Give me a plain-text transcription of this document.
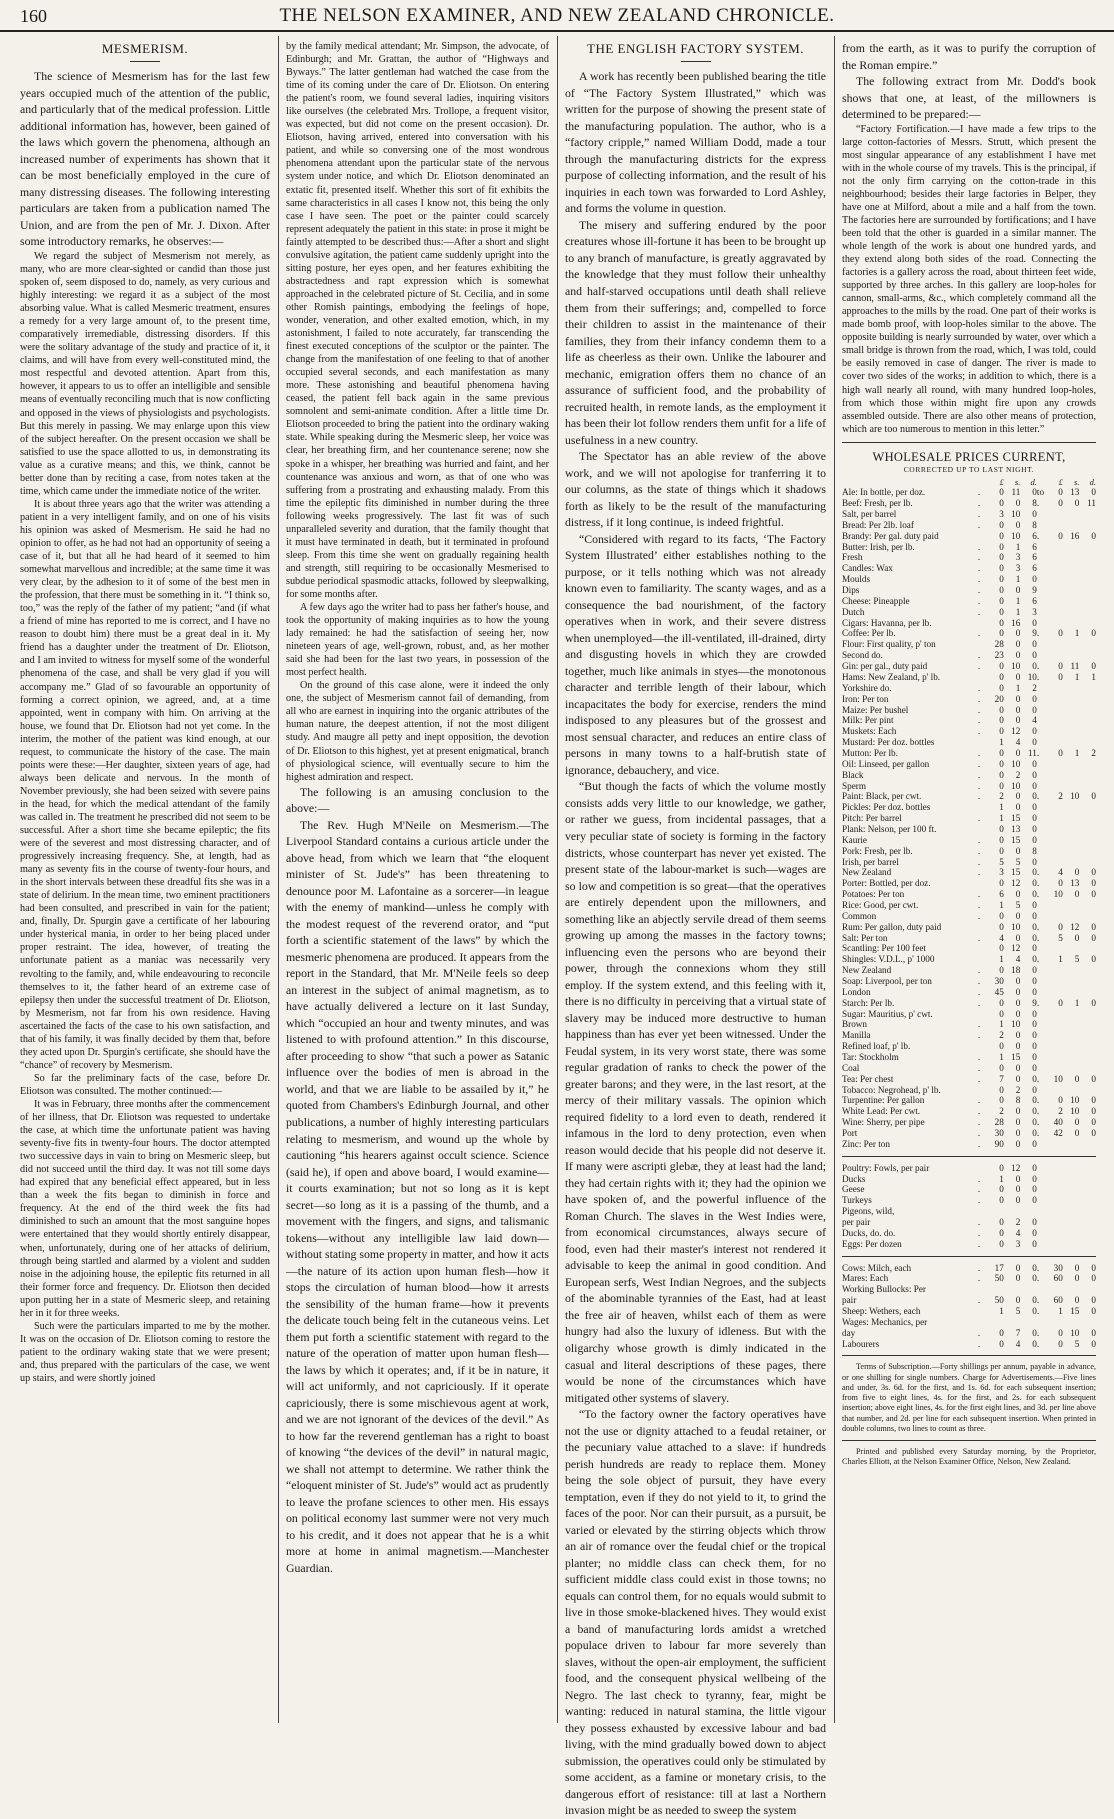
160	THE NELSON EXAMINER, AND NEW ZEALAND CHRONICLE.
MESMERISM.

The science of Mesmerism has for the last few years occupied much of the attention of the public, and particularly that of the medical profession. Little additional information has, however, been gained of the laws which govern the phenomena, although an increased number of experiments has shown that it can be most beneficially employed in the cure of many distressing diseases. The following interesting particulars are taken from a publication named The Union, and are from the pen of Mr. J. Dixon. After some introductory remarks, he observes:—

We regard the subject of Mesmerism not merely, as many, who are more clear-sighted or candid than those just spoken of, seem disposed to do, namely, as very curious and highly interesting: we regard it as a subject of the most absorbing value. What is called Mesmeric treatment, ensures a remedy for a very large amount of, to the present time, comparatively irremediable, distressing disorders. If this were the solitary advantage of the study and practice of it, it claims, and will have from every well-constituted mind, the most respectful and devoted attention. Apart from this, however, it appears to us to offer an intelligible and sensible means of eventually reconciling much that is now conflicting and opposed in the views of physiologists and psychologists. But this merely in passing. We may enlarge upon this view of the subject hereafter. On the present occasion we shall be satisfied to use the space allotted to us, in demonstrating its value as a curative means; and this, we think, cannot be better done than by reciting a case, from notes taken at the time, which came under the immediate notice of the writer.

It is about three years ago that the writer was attending a patient in a very intelligent family, and on one of his visits his opinion was asked of Mesmerism. He said he had no opinion to offer, as he had not had an opportunity of seeing a case of it, but that all he had heard of it seemed to him somewhat marvellous and incredible; at the same time it was very clear, by the adhesion to it of some of the best men in the profession, that there must be something in it. “I think so, too,” was the reply of the father of my patient; “and (if what a friend of mine has reported to me is correct, and I have no reason to doubt him) there must be a great deal in it. My friend has a daughter under the treatment of Dr. Eliotson, and I am invited to witness for myself some of the wonderful phenomena of the case, and shall be very glad if you will accompany me.” Glad of so favourable an opportunity of forming a correct opinion, we agreed, and, at a time appointed, went in company with him. On arriving at the house, we found that Dr. Eliotson had not yet come. In the interim, the mother of the patient was kind enough, at our request, to communicate the history of the case. The main points were these:—Her daughter, sixteen years of age, had always been delicate and nervous. In the month of November previously, she had been seized with severe pains in the head, for which the medical attendant of the family was called in. The treatment he prescribed did not seem to be successful. After a short time she became epileptic; the fits were of the severest and most distressing character, and of progressively increasing frequency. She, at length, had as many as seventy fits in the course of twenty-four hours, and in the short intervals between these dreadful fits she was in a state of delirium. In the mean time, two eminent practitioners had been consulted, and prescribed in vain for the patient; and, finally, Dr. Spurgin gave a certificate of her labouring under hysterical mania, in order to her being placed under proper restraint. The idea, however, of treating the unfortunate patient as a maniac was necessarily very revolting to the family, and, while endeavouring to reconcile themselves to it, the father heard of an extreme case of epilepsy then under the successful treatment of Dr. Eliotson, by Mesmerism, not far from his own residence. Having ascertained the facts of the case to his own satisfaction, and that of his family, it was finally decided by them that, before they acted upon Dr. Spurgin's certificate, she should have the “chance” of recovery by Mesmerism.

So far the preliminary facts of the case, before Dr. Eliotson was consulted. The mother continued:—

It was in February, three months after the commencement of her illness, that Dr. Eliotson was requested to undertake the case, at which time the unfortunate patient was having seventy-five fits in twenty-four hours. The doctor attempted two successive days in vain to bring on Mesmeric sleep, but did not succeed until the third day. It was not till some days had expired that any beneficial effect appeared, but in less than a week the fits began to diminish in force and frequency. At the end of the third week the fits had diminished to such an amount that the most sanguine hopes were entertained that they would shortly entirely disappear, when, unfortunately, during one of her attacks of delirium, through being startled and alarmed by a violent and sudden noise in the adjoining house, the epileptic fits returned in all their former force and frequency. Dr. Eliotson then decided upon putting her in a state of Mesmeric sleep, and retaining her in it for three weeks.

Such were the particulars imparted to me by the mother. It was on the occasion of Dr. Eliotson coming to restore the patient to the ordinary waking state that we were present; and, thus prepared with the particulars of the case, we went up stairs, and were shortly joined

by the family medical attendant; Mr. Simpson, the advocate, of Edinburgh; and Mr. Grattan, the author of “Highways and Byways.” The latter gentleman had watched the case from the time of its coming under the care of Dr. Eliotson. On entering the patient's room, we found several ladies, inquiring visitors like ourselves (the celebrated Mrs. Trollope, a frequent visitor, was expected, but did not come on the present occasion). Dr. Eliotson, having arrived, entered into conversation with his patient, and while so conversing one of the most wondrous phenomena attendant upon the particular state of the nervous system under notice, and which Dr. Eliotson denominated an extatic fit, presented itself. Whether this sort of fit exhibits the same characteristics in all cases I know not, this being the only case I have seen. The poet or the painter could scarcely represent adequately the patient in this state: in prose it might be faintly attempted to be described thus:—After a short and slight convulsive agitation, the patient came suddenly upright into the sitting posture, her eyes open, and her features exhibiting the abstractedness and rapt expression which is somewhat approached in the celebrated picture of St. Cecilia, and in some other Romish paintings, embodying the feelings of hope, wonder, veneration, and other exalted emotion, which, in my astonishment, I failed to note accurately, far transcending the finest executed conceptions of the sculptor or the painter. The change from the manifestation of one feeling to that of another occupied several seconds, and each manifestation as many more. These astonishing and beautiful phenomena having ceased, the patient fell back again in the same previous somnolent and semi-animate condition. After a little time Dr. Eliotson proceeded to bring the patient into the ordinary waking state. While speaking during the Mesmeric sleep, her voice was clear, her breathing firm, and her countenance serene; now she spoke in a whisper, her breathing was hurried and faint, and her countenance was anxious and worn, as that of one who was suffering from a prostrating and exhausting malady. From this time the epileptic fits diminished in number during the three following weeks progressively. The last fit was of such unparalleled severity and duration, that the family thought that it must have terminated in death, but it terminated in profound sleep. From this time she went on gradually regaining health and strength, still requiring to be occasionally Mesmerised to subdue periodical spasmodic attacks, followed by sleepwalking, for some months after.

A few days ago the writer had to pass her father's house, and took the opportunity of making inquiries as to how the young lady remained: he had the satisfaction of seeing her, now nineteen years of age, well-grown, robust, and, as her mother said she had been for the last two years, in possession of the most perfect health.

On the ground of this case alone, were it indeed the only one, the subject of Mesmerism cannot fail of demanding, from all who are earnest in inquiring into the organic attributes of the human nature, the deepest attention, if not the most diligent study. And maugre all petty and inept opposition, the devotion of Dr. Eliotson to this highest, yet at present enigmatical, branch of physiological science, will eventually secure to him the highest admiration and respect.

The following is an amusing conclusion to the above:—

The Rev. Hugh M'Neile on Mesmerism.—The Liverpool Standard contains a curious article under the above head, from which we learn that “the eloquent minister of St. Jude's” has been threatening to denounce poor M. Lafontaine as a sorcerer—in league with the enemy of mankind—unless he comply with the modest request of the reverend orator, and “put forth a scientific statement of the laws” by which the mesmeric phenomena are produced. It appears from the report in the Standard, that Mr. M'Neile feels so deep an interest in the subject of animal magnetism, as to have actually delivered a lecture on it last Sunday, which “occupied an hour and twenty minutes, and was listened to with profound attention.” In this discourse, after proceeding to show “that such a power as Satanic influence over the bodies of men is abroad in the world, and that we are liable to be assailed by it,” he quoted from Chambers's Edinburgh Journal, and other publications, a number of highly interesting particulars relating to mesmerism, and wound up the whole by cautioning “his hearers against occult science. Science (said he), if open and above board, I would examine—it courts examination; but not so long as it is kept secret—so long as it is a passing of the thumb, and a movement with the fingers, and signs, and talismanic tokens—without any intelligible law laid down—without stating some property in matter, and how it acts—the nature of its action upon human flesh—how it stops the circulation of human blood—how it arrests the sensibility of the human frame—how it prevents the delicate touch being felt in the cutaneous veins. Let them put forth a scientific statement with regard to the nature of the operation of matter upon human flesh—the laws by which it operates; and, if it be in nature, it will act uniformly, and not capriciously. If it operate capriciously, there is some mischievous agent at work, and we are not ignorant of the devices of the devil.” As to how far the reverend gentleman has a right to boast of knowing “the devices of the devil” in natural magic, we shall not attempt to determine. We rather think the “eloquent minister of St. Jude's” would act as prudently to leave the profane sciences to other men. His essays on political economy last summer were not very much to his credit, and it does not appear that he is a whit more at home in animal magnetism.—Manchester Guardian.

THE ENGLISH FACTORY SYSTEM.

A work has recently been published bearing the title of “The Factory System Illustrated,” which was written for the purpose of showing the present state of the manufacturing population. The author, who is a “factory cripple,” named William Dodd, made a tour through the manufacturing districts for the express purpose of collecting information, and the result of his inquiries in each town was forwarded to Lord Ashley, and forms the volume in question.

The misery and suffering endured by the poor creatures whose ill-fortune it has been to be brought up to any branch of manufacture, is greatly aggravated by the knowledge that they must follow their unhealthy and half-starved occupations until death shall relieve them from their sufferings; and, compelled to force their children to assist in the maintenance of their families, they from their infancy condemn them to a life as cheerless as their own. Unlike the labourer and mechanic, emigration offers them no chance of an assurance of sufficient food, and the probability of recruited health, in remote lands, as the employment it has been their lot follow renders them unfit for a life of usefulness in a new country.

The Spectator has an able review of the above work, and we will not apologise for tranferring it to our columns, as the state of things which it shadows forth as likely to be the result of the manufacturing distress, if it long continue, is indeed frightful.

“Considered with regard to its facts, ‘The Factory System Illustrated’ either establishes nothing to the purpose, or it tells nothing which was not already known even to familiarity. The scanty wages, and as a consequence the bad nourishment, of the factory operatives when in work, and their severe distress when unemployed—the ill-ventilated, ill-drained, dirty and disgusting hovels in which they are crowded together, much like animals in styes—the monotonous character and terrible length of their labour, which incapacitates the body for exercise, renders the mind indisposed to any pleasures but of the grossest and most sensual character, and reduces an entire class of persons in many towns to a half-brutish state of ignorance, debauchery, and vice.

“But though the facts of which the volume mostly consists adds very little to our knowledge, we gather, or rather we guess, from incidental passages, that a very peculiar state of society is forming in the factory districts, whose counterpart has never yet existed. The present state of the labour-market is such—wages are so low and competition is so great—that the operatives are entirely dependent upon the millowners, and something like an abjectly servile dread of them seems growing up among the masses in the factory towns; influencing even the persons who are beyond their power, through the connexions whom they still employ. If the system extend, and this feeling with it, there is no difficulty in perceiving that a virtual state of slavery may be induced more destructive to human happiness than has ever yet been witnessed. Under the Feudal system, in its very worst state, there was some regular gradation of ranks to check the power of the greater barons; and they were, in the last resort, at the mercy of their military vassals. The opinion which required fidelity to a lord even to death, rendered it infamous in the lord to deny protection, even when reason would decide that his people did not deserve it. If many were ascripti glebæ, they at least had the land; they had certain rights with it; they had the opinion we have spoken of, and the powerful influence of the Roman Church. The slaves in the West Indies were, from economical circumstances, always secure of food, even had their master's interest not rendered it advisable to keep the animal in good condition. And European serfs, West Indian Negroes, and the subjects of the abominable tyrannies of the East, had at least the free air of heaven, whilst each of them as were hungry had also the luxury of idleness. But with the oligarchy whose growth is dimly indicated in the casual and literal descriptions of these pages, there would be none of the circumstances which have mitigated other systems of slavery.

“To the factory owner the factory operatives have not the use or dignity attached to a feudal retainer, or the pecuniary value attached to a slave: if hundreds perish hundreds are ready to replace them. Money being the sole object of pursuit, they have every temptation, even if they do not yield to it, to grind the faces of the poor. Nor can their pursuit, as a pursuit, be varied or elevated by the stirring objects which throw an air of romance over the feudal chief or the tropical planter; no middle class can check them, for no sufficient middle class could exist in those towns; no equals can control them, for no equals would submit to live in those smoke-blackened hives. They would exist a band of manufacturing lords amidst a wretched populace driven to labour far more severely than slaves, without the open-air employment, the sufficient food, and the consequent physical wellbeing of the Negro. The last check to tyranny, fear, might be wanting: reduced in natural stamina, the little vigour they possess exhausted by excessive labour and bad living, with the mind gradually bowed down to abject submission, the operatives could only be stimulated by some accident, as a famine or monetary crisis, to the dangerous effort of resistance: till at last a Northern invasion might be as needed to sweep the system

from the earth, as it was to purify the corruption of the Roman empire.”

The following extract from Mr. Dodd's book shows that one, at least, of the millowners is determined to be prepared:—

“Factory Fortification.—I have made a few trips to the large cotton-factories of Messrs. Strutt, which present the most singular appearance of any establishment I have met with in the whole course of my travels. This is the principal, if not the only firm carrying on the cotton-trade in this neighbourhood; besides their large factories in Belper, they have one at Milford, about a mile and a half from the town. The factories here are surrounded by fortifications; and I have been told that the other is guarded in a similar manner. The whole length of the work is about one hundred yards, and they extend along both sides of the road. Connecting the factories is a gallery across the road, about thirteen feet wide, supported by three arches. In this gallery are loop-holes for cannon, small-arms, &c., which completely command all the approaches to the mills by the road. One part of their works is made bomb proof, with loop-holes similar to the above. The opposite building is nearly surrounded by water, over which a small bridge is thrown from the road, which, I was told, could be easily removed in case of danger. The river is made to cover two sides of the works; in addition to which, there is a high wall nearly all round, with many hundred loop-holes, from which those within might fire upon any crowds assembled outside. There are also other means of protection, which are too numerous to mention in this letter.”

WHOLESALE PRICES CURRENT,
CORRECTED UP TO LAST NIGHT.
		£	s.	d.		£	s.	d.
Ale: In bottle, per doz.	.	0	11	0	to	0	13	0
Beef: Fresh, per lb.	.	0	0	8	.	0	0	11
Salt, per barrel	.	3	10	0				
Bread: Per 2lb. loaf	.	0	0	8				
Brandy: Per gal. duty paid		0	10	6	.	0	16	0
Butter: Irish, per lb.	.	0	1	6				
Fresh	.	0	3	6				
Candles: Wax	.	0	3	6				
Moulds	.	0	1	0				
Dips	.	0	0	9				
Cheese: Pineapple	.	0	1	6				
Dutch	.	0	1	3				
Cigars: Havanna, per lb.		0	16	0				
Coffee: Per lb.	.	0	0	9	.	0	1	0
Flour: First quality, p' ton		28	0	0				
Second do.	.	23	0	0				
Gin: per gal., duty paid	.	0	10	0	.	0	11	0
Hams: New Zealand, p' lb.		0	0	10	.	0	1	1
Yorkshire do.	.	0	1	2				
Iron: Per ton	.	20	0	0				
Maize: Per bushel	.	0	0	0				
Milk: Per pint	.	0	0	4				
Muskets: Each	.	0	12	0				
Mustard: Per doz. bottles		1	4	0				
Mutton: Per lb.	.	0	0	11	.	0	1	2
Oil: Linseed, per gallon	.	0	10	0				
Black	.	0	2	0				
Sperm	.	0	10	0				
Paint: Black, per cwt.	.	2	0	0	.	2	10	0
Pickles: Per doz. bottles		1	0	0				
Pitch: Per barrel	.	1	15	0				
Plank: Nelson, per 100 ft.		0	13	0				
Kaurie	.	0	15	0				
Pork: Fresh, per lb.	.	0	0	8				
Irish, per barrel	.	5	5	0				
New Zealand	.	3	15	0	.	4	0	0
Porter: Bottled, per doz.		0	12	0	.	0	13	0
Potatoes: Per ton	.	6	0	0	.	10	0	0
Rice: Good, per cwt.	.	1	5	0				
Common	.	0	0	0				
Rum: Per gallon, duty paid		0	10	0	.	0	12	0
Salt: Per ton	.	4	0	0	.	5	0	0
Scantling: Per 100 feet		0	12	0				
Shingles: V.D.L., p' 1000		1	4	0	.	1	5	0
New Zealand	.	0	18	0				
Soap: Liverpool, per ton	.	30	0	0				
London	.	45	0	0				
Starch: Per lb.	.	0	0	9	.	0	1	0
Sugar: Mauritius, p' cwt.		0	0	0				
Brown	.	1	10	0				
Manilla	.	2	0	0				
Refined loaf, p' lb.		0	0	0				
Tar: Stockholm	.	1	15	0				
Coal	.	0	0	0				
Tea: Per chest	.	7	0	0	.	10	0	0
Tobacco: Negrohead, p' lb.		0	2	0				
Turpentine: Per gallon	.	0	8	0	.	0	10	0
White Lead: Per cwt.	.	2	0	0	.	2	10	0
Wine: Sherry, per pipe	.	28	0	0	.	40	0	0
Port	.	30	0	0	.	42	0	0
Zinc: Per ton	.	90	0	0				
Poultry: Fowls, per pair		0	12	0				
Ducks	.	1	0	0				
Geese	.	0	0	0				
Turkeys	.	0	0	0				
Pigeons, wild,								
per pair	.	0	2	0				
Ducks, do. do.	.	0	4	0				
Eggs: Per dozen	.	0	3	0				
Cows: Milch, each	.	17	0	0	.	30	0	0
Mares: Each	.	50	0	0	.	60	0	0
Working Bullocks: Per								
pair	.	50	0	0	.	60	0	0
Sheep: Wethers, each		1	5	0	.	1	15	0
Wages: Mechanics, per								
day	.	0	7	0	.	0	10	0
Labourers	.	0	4	0	.	0	5	0

Terms of Subscription.—Forty shillings per annum, payable in advance, or one shilling for single numbers. Charge for Advertisements.—Five lines and under, 3s. 6d. for the first, and 1s. 6d. for each subsequent insertion; from five to eight lines, 4s. for the first, and 2s. for each subsequent insertion; above eight lines, 4s. for the first eight lines, and 3d. per line above that number, and 2d. per line for each subsequent insertion. When printed in double columns, two lines to count as three.

Printed and published every Saturday morning, by the Proprietor, Charles Elliott, at the Nelson Examiner Office, Nelson, New Zealand.
